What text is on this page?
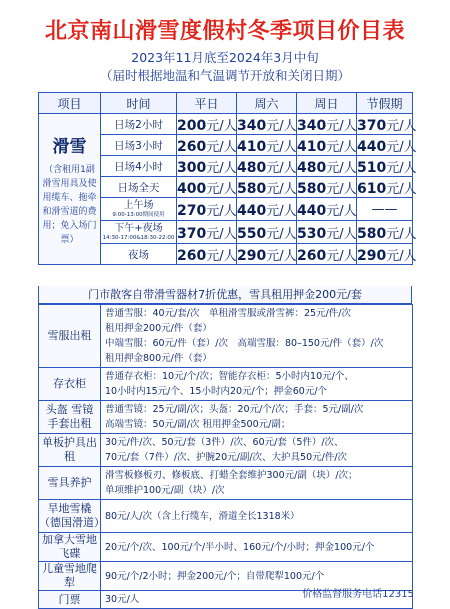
北京南山滑雪度假村冬季项目价目表
2023年11月底至2024年3月中旬
（届时根据地温和气温调节开放和关闭日期）
项目	时间	平日	周六	周日	节假期

滑雪
（含租用1副滑雪用具及使用缆车、拖牵和滑雪道的费用；免入场门票）	日场2小时	200元/人	340元/人	340元/人	370元/人
	日场3小时	260元/人	410元/人	410元/人	440元/人
	日场4小时	300元/人	480元/人	480元/人	510元/人
	日场全天	400元/人	580元/人	580元/人	610元/人
	上午场
9:00-13:00期间使用	270元/人	440元/人	440元/人	——
	下午+夜场
14:30-17:00&18:30-22:00	370元/人	550元/人	530元/人	580元/人
	夜场	260元/人	290元/人	260元/人	290元/人
门市散客自带滑雪器材7折优惠，雪具租用押金200元/套
雪服出租	普通雪服：40元/套/次　单租滑雪服或滑雪裤：25元/件/次
租用押金200元/件（套）
中端雪服：60元/件（套）/次　高端雪服：80–150元/件（套）/次
租用押金800元/件（套）

存衣柜	普通存衣柜：10元/个/次；智能存衣柜：5小时内10元/个、
10小时内15元/个、15小时内20元/个；押金60元/个

头盔 雪镜 手套出租	普通雪镜：25元/副/次；头盔：20元/个/次；手套：5元/副/次
高端雪镜：50元/副/次 租用押金500元/副；

单板护具出租	30元/件/次、50元/套（3件）/次、60元/套（5件）/次、
70元/套（7件）/次、护腕20元/副/次、大护具50元/件/次

雪具养护	滑雪板修板刃、修板底、打蜡全套维护300元/副（块）/次；
单项维护100元/副（块）/次

旱地雪橇 （德国滑道）	80元/人/次（含上行缆车，滑道全长1318米）

加拿大雪地飞碟	20元/个/次、100元/个/半小时、160元/个/小时；押金100元/个

儿童雪地爬犁	90元/个/2小时；押金200元/个；自带爬犁100元/个

门票	30元/人	价格监督服务电话12315
